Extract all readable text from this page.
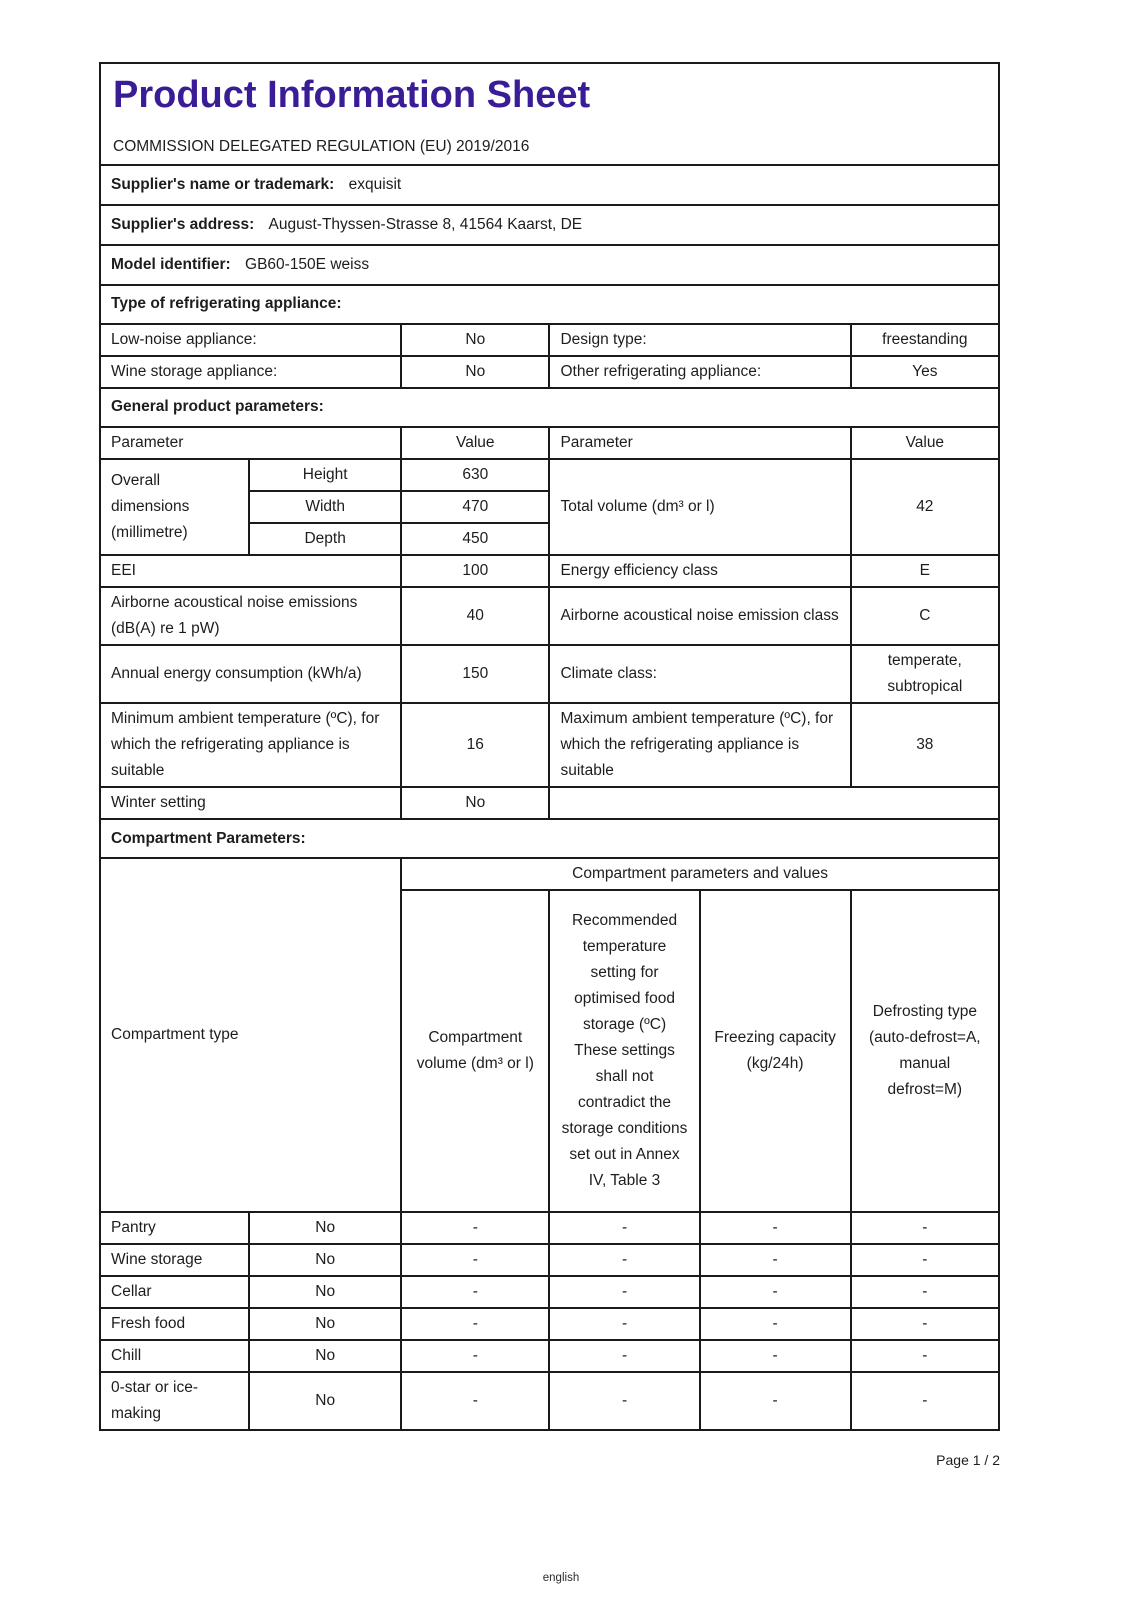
Product Information Sheet
COMMISSION DELEGATED REGULATION (EU) 2019/2016					

Supplier's name or trademark: exquisit					
Supplier's address: August-Thyssen-Strasse 8, 41564 Kaarst, DE					
Model identifier: GB60-150E weiss					
Type of refrigerating appliance:					
Low-noise appliance:		No	Design type:		freestanding
Wine storage appliance:		No	Other refrigerating appliance:		Yes
General product parameters:					
Parameter		Value	Parameter		Value
Overall dimensions (millimetre)	Height	630	Total volume (dm³ or l)		42
	Width	470			
	Depth	450			
EEI		100	Energy efficiency class		E
Airborne acoustical noise emissions (dB(A) re 1 pW)		40	Airborne acoustical noise emission class		C
Annual energy consumption (kWh/a)		150	Climate class:		temperate, subtropical
Minimum ambient temperature (ºC), for which the refrigerating appliance is suitable		16	Maximum ambient temperature (ºC), for which the refrigerating appliance is suitable		38
Winter setting		No			
Compartment Parameters:					
Compartment type		Compartment parameters and values			
		Compartment volume (dm³ or l)	Recommended temperature setting for optimised food storage (ºC) These settings shall not contradict the storage conditions set out in Annex IV, Table 3	Freezing capacity (kg/24h)	Defrosting type (auto-defrost=A, manual defrost=M)
Pantry	No	-	-	-	-
Wine storage	No	-	-	-	-
Cellar	No	-	-	-	-
Fresh food	No	-	-	-	-
Chill	No	-	-	-	-
0-star or ice-making	No	-	-	-	-
Page 1 / 2
english
